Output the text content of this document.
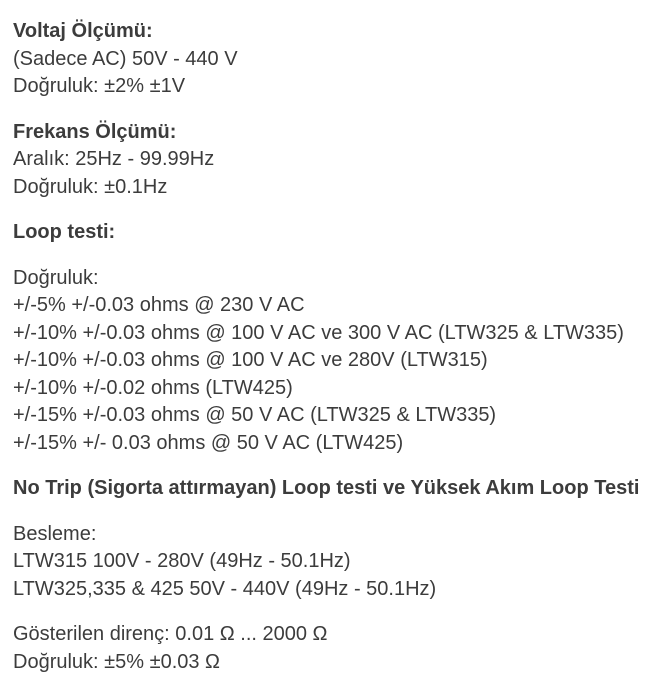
Voltaj Ölçümü:
(Sadece AC) 50V - 440 V
Doğruluk: ±2% ±1V

Frekans Ölçümü:
Aralık: 25Hz - 99.99Hz
Doğruluk: ±0.1Hz

Loop testi:

Doğruluk:
+/-5% +/-0.03 ohms @ 230 V AC
+/-10% +/-0.03 ohms @ 100 V AC ve 300 V AC (LTW325 & LTW335)
+/-10% +/-0.03 ohms @ 100 V AC ve 280V (LTW315)
+/-10% +/-0.02 ohms (LTW425)
+/-15% +/-0.03 ohms @ 50 V AC (LTW325 & LTW335)
+/-15% +/- 0.03 ohms @ 50 V AC (LTW425)

No Trip (Sigorta attırmayan) Loop testi ve Yüksek Akım Loop Testi

Besleme:
LTW315 100V - 280V (49Hz - 50.1Hz)
LTW325,335 & 425 50V - 440V (49Hz - 50.1Hz)

Gösterilen direnç: 0.01 Ω ... 2000 Ω
Doğruluk: ±5% ±0.03 Ω
